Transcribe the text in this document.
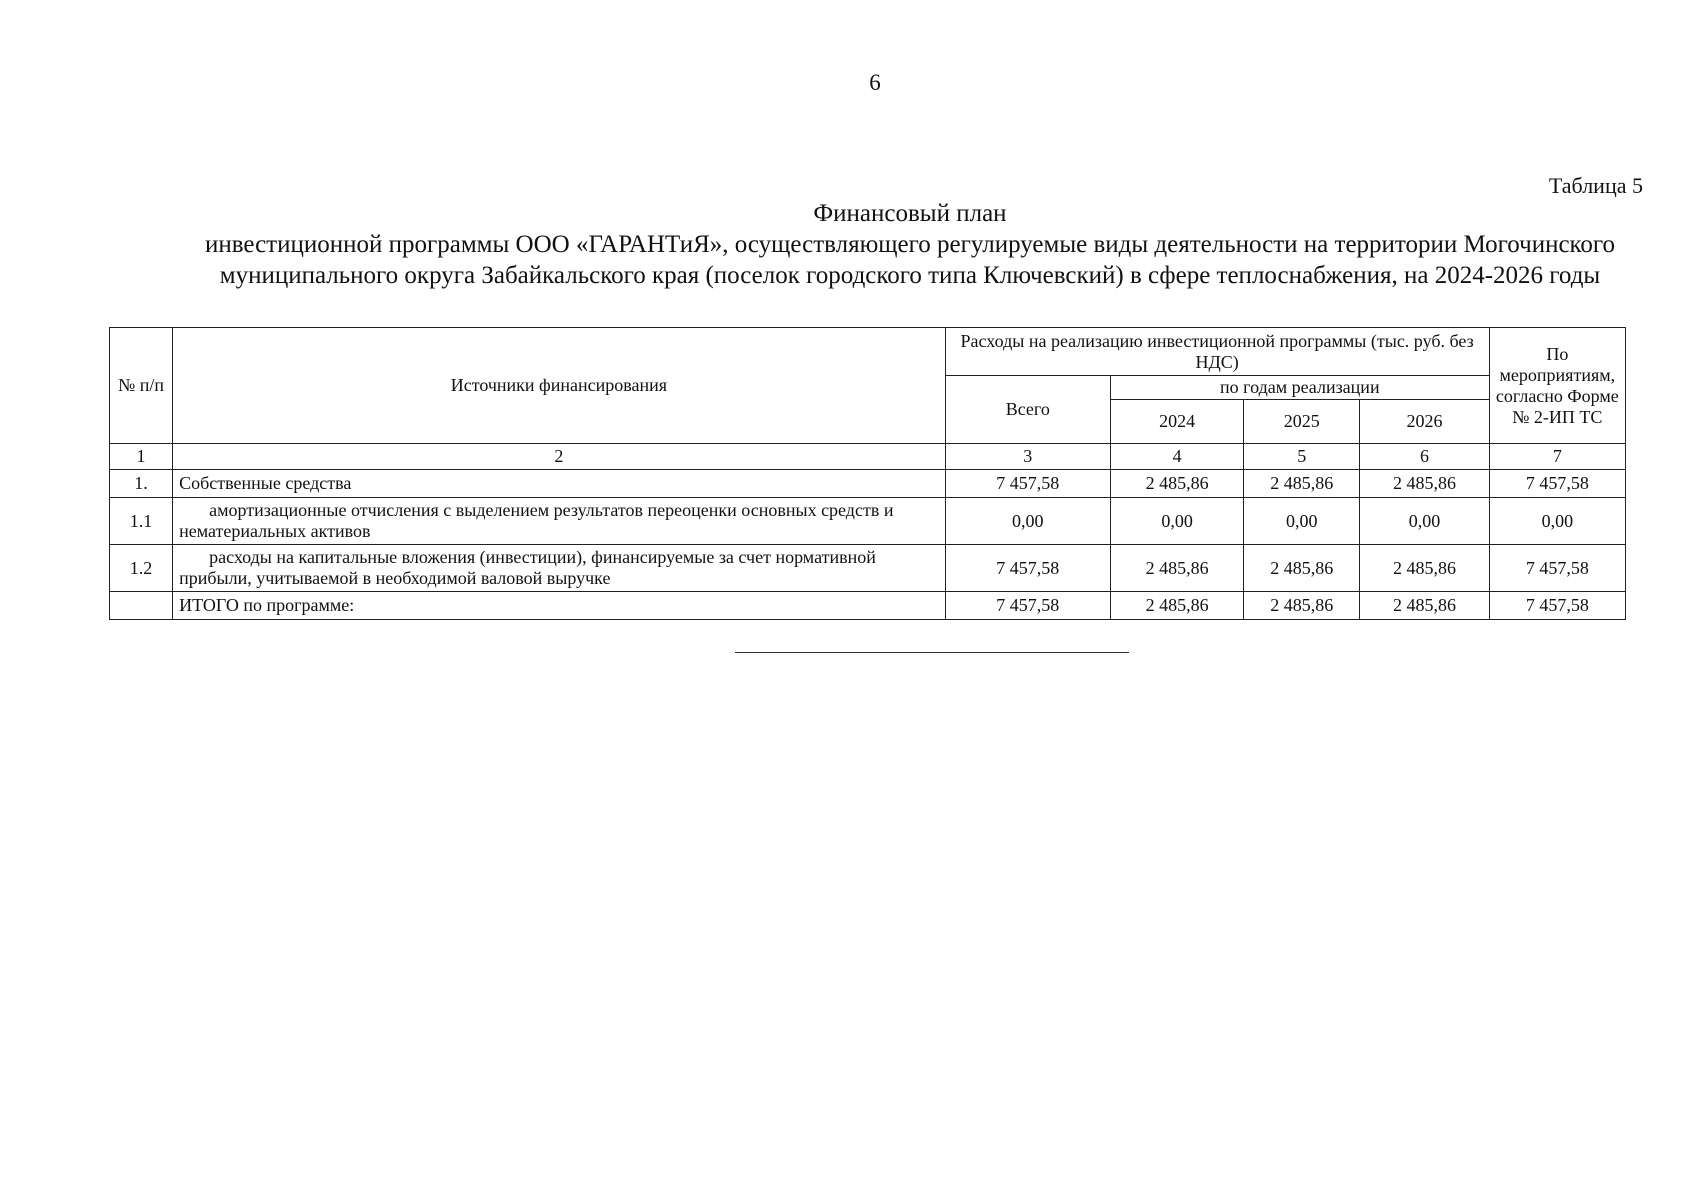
6
Таблица 5
Финансовый план
инвестиционной программы ООО «ГАРАНТиЯ», осуществляющего регулируемые виды деятельности на территории Могочинского муниципального округа Забайкальского края (поселок городского типа Ключевский) в сфере теплоснабжения, на 2024-2026 годы
№ п/п	Источники финансирования	Расходы на реализацию инвестиционной программы (тыс. руб. без НДС)				По мероприятиям, согласно Форме № 2-ИП ТС
		Всего	по годам реализации			
			2024	2025	2026	
1	2	3	4	5	6	7
1.	Собственные средства	7 457,58	2 485,86	2 485,86	2 485,86	7 457,58
1.1	амортизационные отчисления с выделением результатов переоценки основных средств и нематериальных активов	0,00	0,00	0,00	0,00	0,00
1.2	расходы на капитальные вложения (инвестиции), финансируемые за счет нормативной прибыли, учитываемой в необходимой валовой выручке	7 457,58	2 485,86	2 485,86	2 485,86	7 457,58
	ИТОГО по программе:	7 457,58	2 485,86	2 485,86	2 485,86	7 457,58
